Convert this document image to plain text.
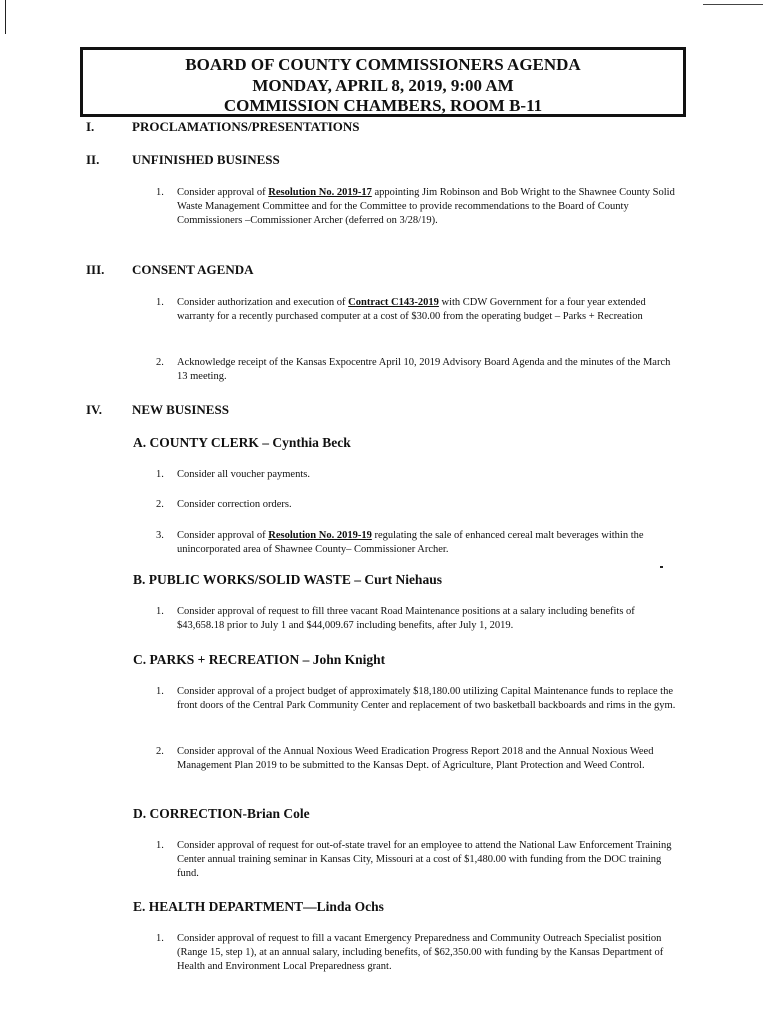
BOARD OF COUNTY COMMISSIONERS AGENDA
MONDAY, APRIL 8, 2019, 9:00 AM
COMMISSION CHAMBERS, ROOM B-11
I.	PROCLAMATIONS/PRESENTATIONS
II.	UNFINISHED BUSINESS
1. Consider approval of Resolution No. 2019-17 appointing Jim Robinson and Bob Wright to the Shawnee County Solid Waste Management Committee and for the Committee to provide recommendations to the Board of County Commissioners –Commissioner Archer (deferred on 3/28/19).
III. CONSENT AGENDA
1. Consider authorization and execution of Contract C143-2019 with CDW Government for a four year extended warranty for a recently purchased computer at a cost of $30.00 from the operating budget – Parks + Recreation
2. Acknowledge receipt of the Kansas Expocentre April 10, 2019 Advisory Board Agenda and the minutes of the March 13 meeting.
IV. NEW BUSINESS
A. COUNTY CLERK – Cynthia Beck
1. Consider all voucher payments.
2. Consider correction orders.
3. Consider approval of Resolution No. 2019-19 regulating the sale of enhanced cereal malt beverages within the unincorporated area of Shawnee County– Commissioner Archer.
B. PUBLIC WORKS/SOLID WASTE – Curt Niehaus
1. Consider approval of request to fill three vacant Road Maintenance positions at a salary including benefits of $43,658.18 prior to July 1 and $44,009.67 including benefits, after July 1, 2019.
C. PARKS + RECREATION – John Knight
1. Consider approval of a project budget of approximately $18,180.00 utilizing Capital Maintenance funds to replace the front doors of the Central Park Community Center and replacement of two basketball backboards and rims in the gym.
2. Consider approval of the Annual Noxious Weed Eradication Progress Report 2018 and the Annual Noxious Weed Management Plan 2019 to be submitted to the Kansas Dept. of Agriculture, Plant Protection and Weed Control.
D. CORRECTION-Brian Cole
1. Consider approval of request for out-of-state travel for an employee to attend the National Law Enforcement Training Center annual training seminar in Kansas City, Missouri at a cost of $1,480.00 with funding from the DOC training fund.
E. HEALTH DEPARTMENT—Linda Ochs
1. Consider approval of request to fill a vacant Emergency Preparedness and Community Outreach Specialist position (Range 15, step 1), at an annual salary, including benefits, of $62,350.00 with funding by the Kansas Department of Health and Environment Local Preparedness grant.
